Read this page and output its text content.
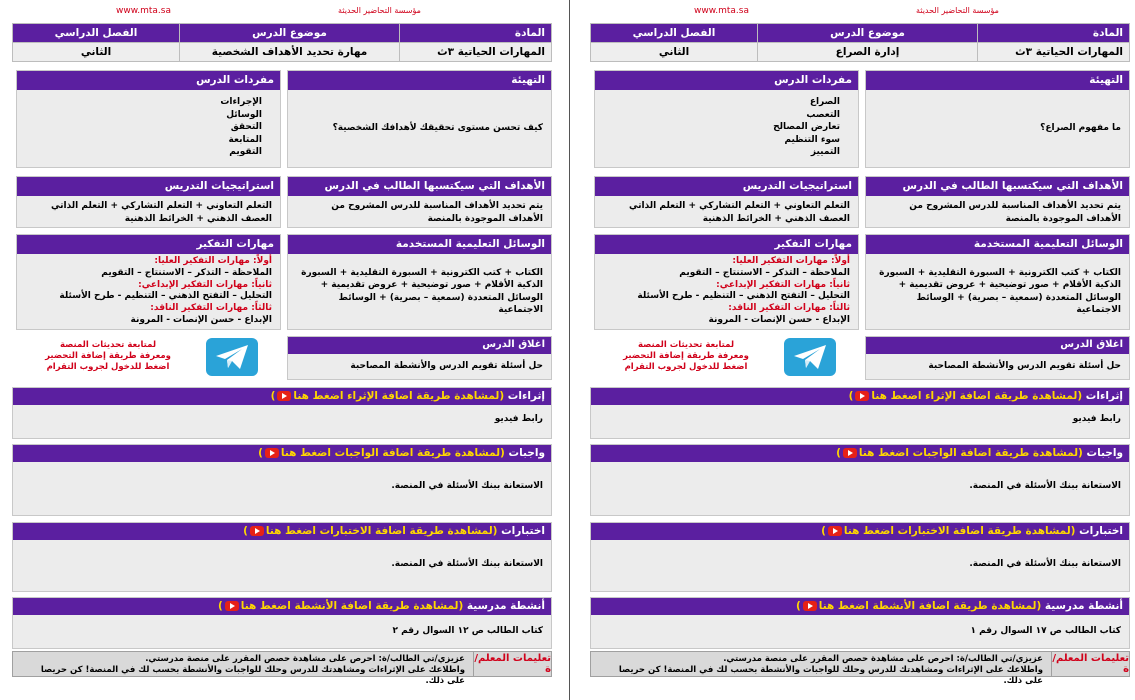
www.mta.sa	مؤسسة التحاضير الحديثة
المادة	موضوع الدرس	الفصل الدراسي
المهارات الحياتية ٣ث	إدارة الصراع	الثاني
التهيئة
ما مفهوم الصراع؟
مفردات الدرس
الصراع
التعصب
تعارض المصالح
سوء التنظيم
التمييز
الأهداف التي سيكتسبها الطالب في الدرس
يتم تحديد الأهداف المناسبة للدرس المشروح من الأهداف الموجودة بالمنصة
استراتيجيات التدريس
التعلم التعاوني + التعلم التشاركي + التعلم الذاتي
العصف الذهني + الخرائط الذهنية
الوسائل التعليمية المستخدمة
الكتاب + كتب الكترونية + السبورة التقليدية + السبورة الذكية الأقلام + صور توضيحية + عروض تقديمية + الوسائل المتعددة (سمعية – بصرية) + الوسائط الاجتماعية
مهارات التفكير
أولاً: مهارات التفكير العليا:
الملاحظة – التذكر – الاستنتاج – التقويم
ثانياً: مهارات التفكير الإبداعي:
التحليل – التفتح الذهني – التنظيم - طرح الأسئلة
ثالثاً: مهارات التفكير الناقد:
الإبداع - حسن الإنصات - المرونة
اغلاق الدرس
حل أسئلة تقويم الدرس والأنشطة المصاحبة
لمتابعة تحديثات المنصة
ومعرفة طريقة إضافة التحضير
اضغط للدخول لجروب التقرام
إثراءات (لمشاهدة طريقة اضافة الإثراء اضغط هنا)
رابط فيديو
واجبات (لمشاهدة طريقة اضافة الواجبات اضغط هنا)
الاستعانة ببنك الأسئلة في المنصة.
اختبارات (لمشاهدة طريقة اضافة الاختبارات اضغط هنا)
الاستعانة ببنك الأسئلة في المنصة.
أنشطة مدرسية (لمشاهدة طريقة اضافة الأنشطة اضغط هنا)
كتاب الطالب ص ١٧ السوال رقم ١
تعليمات المعلم/ة
عزيزي/تي الطالب/ة: احرص على مشاهدة حصص المقرر على منصة مدرستي.
واطلاعك على الإثراءات ومشاهدتك للدرس وحلك للواجبات والأنشطة بحسب لك في المنصة! كن حريصا على ذلك.
www.mta.sa	مؤسسة التحاضير الحديثة
المادة	موضوع الدرس	الفصل الدراسي
المهارات الحياتية ٣ث	مهارة تحديد الأهداف الشخصية	الثاني
التهيئة
كيف تحسن مستوى تحقيقك لأهدافك الشخصية؟
مفردات الدرس
الإجراءات
الوسائل
التحقق
المتابعة
التقويم
الأهداف التي سيكتسبها الطالب في الدرس
يتم تحديد الأهداف المناسبة للدرس المشروح من الأهداف الموجودة بالمنصة
استراتيجيات التدريس
التعلم التعاوني + التعلم التشاركي + التعلم الذاتي
العصف الذهني + الخرائط الذهنية
الوسائل التعليمية المستخدمة
الكتاب + كتب الكترونية + السبورة التقليدية + السبورة الذكية الأقلام + صور توضيحية + عروض تقديمية + الوسائل المتعددة (سمعية – بصرية) + الوسائط الاجتماعية
مهارات التفكير
أولاً: مهارات التفكير العليا:
الملاحظة – التذكر – الاستنتاج – التقويم
ثانياً: مهارات التفكير الإبداعي:
التحليل – التفتح الذهني – التنظيم - طرح الأسئلة
ثالثاً: مهارات التفكير الناقد:
الإبداع - حسن الإنصات - المرونة
اغلاق الدرس
حل أسئلة تقويم الدرس والأنشطة المصاحبة
لمتابعة تحديثات المنصة
ومعرفة طريقة إضافة التحضير
اضغط للدخول لجروب التقرام
إثراءات (لمشاهدة طريقة اضافة الإثراء اضغط هنا)
رابط فيديو
واجبات (لمشاهدة طريقة اضافة الواجبات اضغط هنا)
الاستعانة ببنك الأسئلة في المنصة.
اختبارات (لمشاهدة طريقة اضافة الاختبارات اضغط هنا)
الاستعانة ببنك الأسئلة في المنصة.
أنشطة مدرسية (لمشاهدة طريقة اضافة الأنشطة اضغط هنا)
كتاب الطالب ص ١٢ السوال رقم ٢
تعليمات المعلم/ة
عزيزي/تي الطالب/ة: احرص على مشاهدة حصص المقرر على منصة مدرستي.
واطلاعك على الإثراءات ومشاهدتك للدرس وحلك للواجبات والأنشطة بحسب لك في المنصة! كن حريصا على ذلك.
